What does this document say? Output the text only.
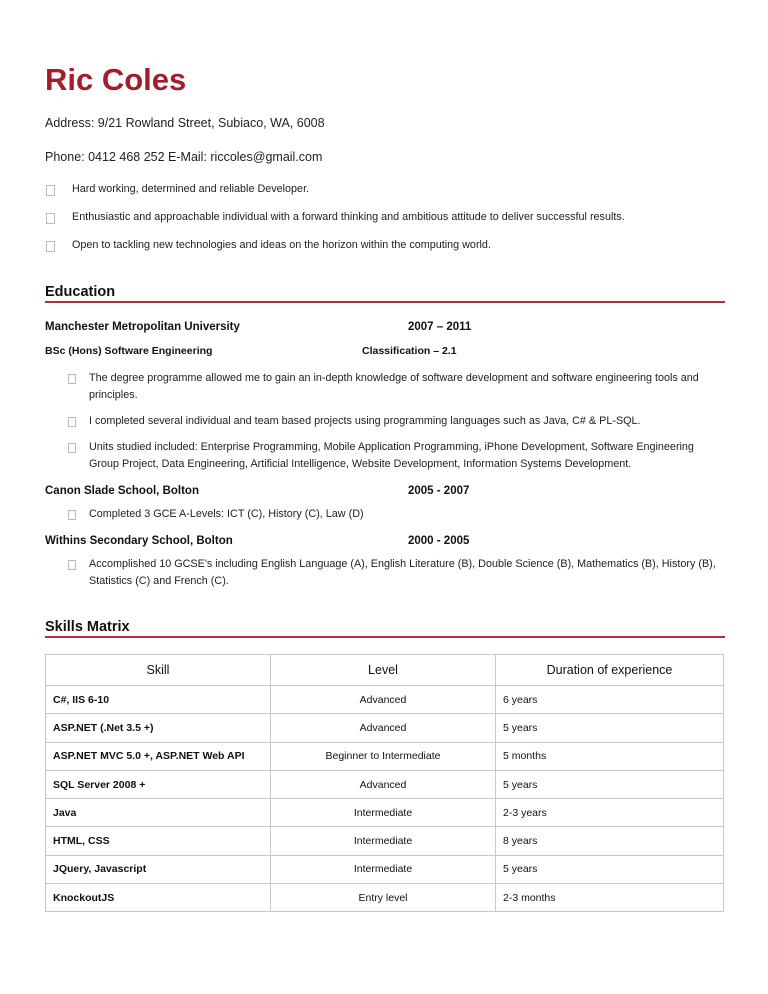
Ric Coles
Address: 9/21 Rowland Street, Subiaco, WA, 6008
Phone: 0412 468 252 E-Mail: riccoles@gmail.com
Hard working, determined and reliable Developer.
Enthusiastic and approachable individual with a forward thinking and ambitious attitude to deliver successful results.
Open to tackling new technologies and ideas on the horizon within the computing world.
Education
Manchester Metropolitan University	2007 – 2011
BSc (Hons) Software Engineering	Classification – 2.1
The degree programme allowed me to gain an in-depth knowledge of software development and software engineering tools and principles.
I completed several individual and team based projects using programming languages such as Java, C# & PL-SQL.
Units studied included: Enterprise Programming, Mobile Application Programming, iPhone Development, Software Engineering Group Project, Data Engineering, Artificial Intelligence, Website Development, Information Systems Development.
Canon Slade School, Bolton	2005 - 2007
Completed 3 GCE A-Levels: ICT (C), History (C), Law (D)
Withins Secondary School, Bolton	2000 - 2005
Accomplished 10 GCSE's including English Language (A), English Literature (B), Double Science (B), Mathematics (B), History (B), Statistics (C) and French (C).
Skills Matrix
Skill	Level	Duration of experience
C#, IIS 6-10	Advanced	6 years
ASP.NET (.Net 3.5 +)	Advanced	5 years
ASP.NET MVC 5.0 +, ASP.NET Web API	Beginner to Intermediate	5 months
SQL Server 2008 +	Advanced	5 years
Java	Intermediate	2-3 years
HTML, CSS	Intermediate	8 years
JQuery, Javascript	Intermediate	5 years
KnockoutJS	Entry level	2-3 months
